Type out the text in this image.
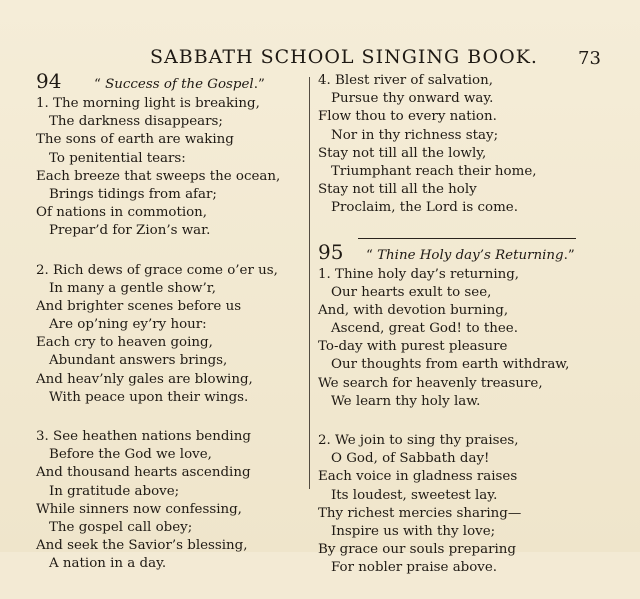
SABBATH SCHOOL SINGING BOOK. 73
94	“ Success of the Gospel.”
1. The morning light is breaking,
The darkness disappears;
The sons of earth are waking
To penitential tears:
Each breeze that sweeps the ocean,
Brings tidings from afar;
Of nations in commotion,
Prepar’d for Zion’s war.
2. Rich dews of grace come o’er us,
In many a gentle show’r,
And brighter scenes before us
Are op’ning ey’ry hour:
Each cry to heaven going,
Abundant answers brings,
And heav’nly gales are blowing,
With peace upon their wings.
3. See heathen nations bending
Before the God we love,
And thousand hearts ascending
In gratitude above;
While sinners now confessing,
The gospel call obey;
And seek the Savior’s blessing,
A nation in a day.
4. Blest river of salvation,
Pursue thy onward way.
Flow thou to every nation.
Nor in thy richness stay;
Stay not till all the lowly,
Triumphant reach their home,
Stay not till all the holy
Proclaim, the Lord is come.
95	“ Thine Holy day’s Returning.”
1. Thine holy day’s returning,
Our hearts exult to see,
And, with devotion burning,
Ascend, great God! to thee.
To-day with purest pleasure
Our thoughts from earth withdraw,
We search for heavenly treasure,
We learn thy holy law.
2. We join to sing thy praises,
O God, of Sabbath day!
Each voice in gladness raises
Its loudest, sweetest lay.
Thy richest mercies sharing—
Inspire us with thy love;
By grace our souls preparing
For nobler praise above.
